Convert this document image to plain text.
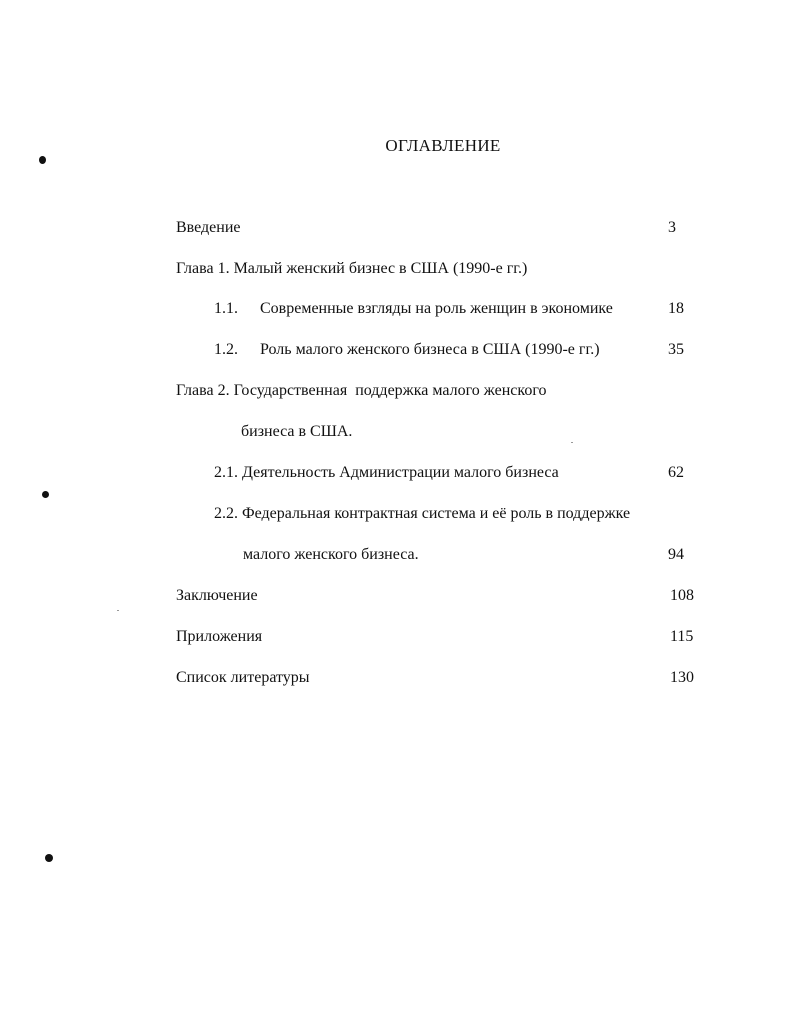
ОГЛАВЛЕНИЕ
Введение	3
Глава 1. Малый женский бизнес в США (1990-е гг.)
1.1. Современные взгляды на роль женщин в экономике	18
1.2. Роль малого женского бизнеса в США (1990-е гг.)	35
Глава 2. Государственная  поддержка малого женского
бизнеса в США.
2.1. Деятельность Администрации малого бизнеса	62
2.2. Федеральная контрактная система и её роль в поддержке
малого женского бизнеса.	94
Заключение	108
Приложения	115
Список литературы	130
